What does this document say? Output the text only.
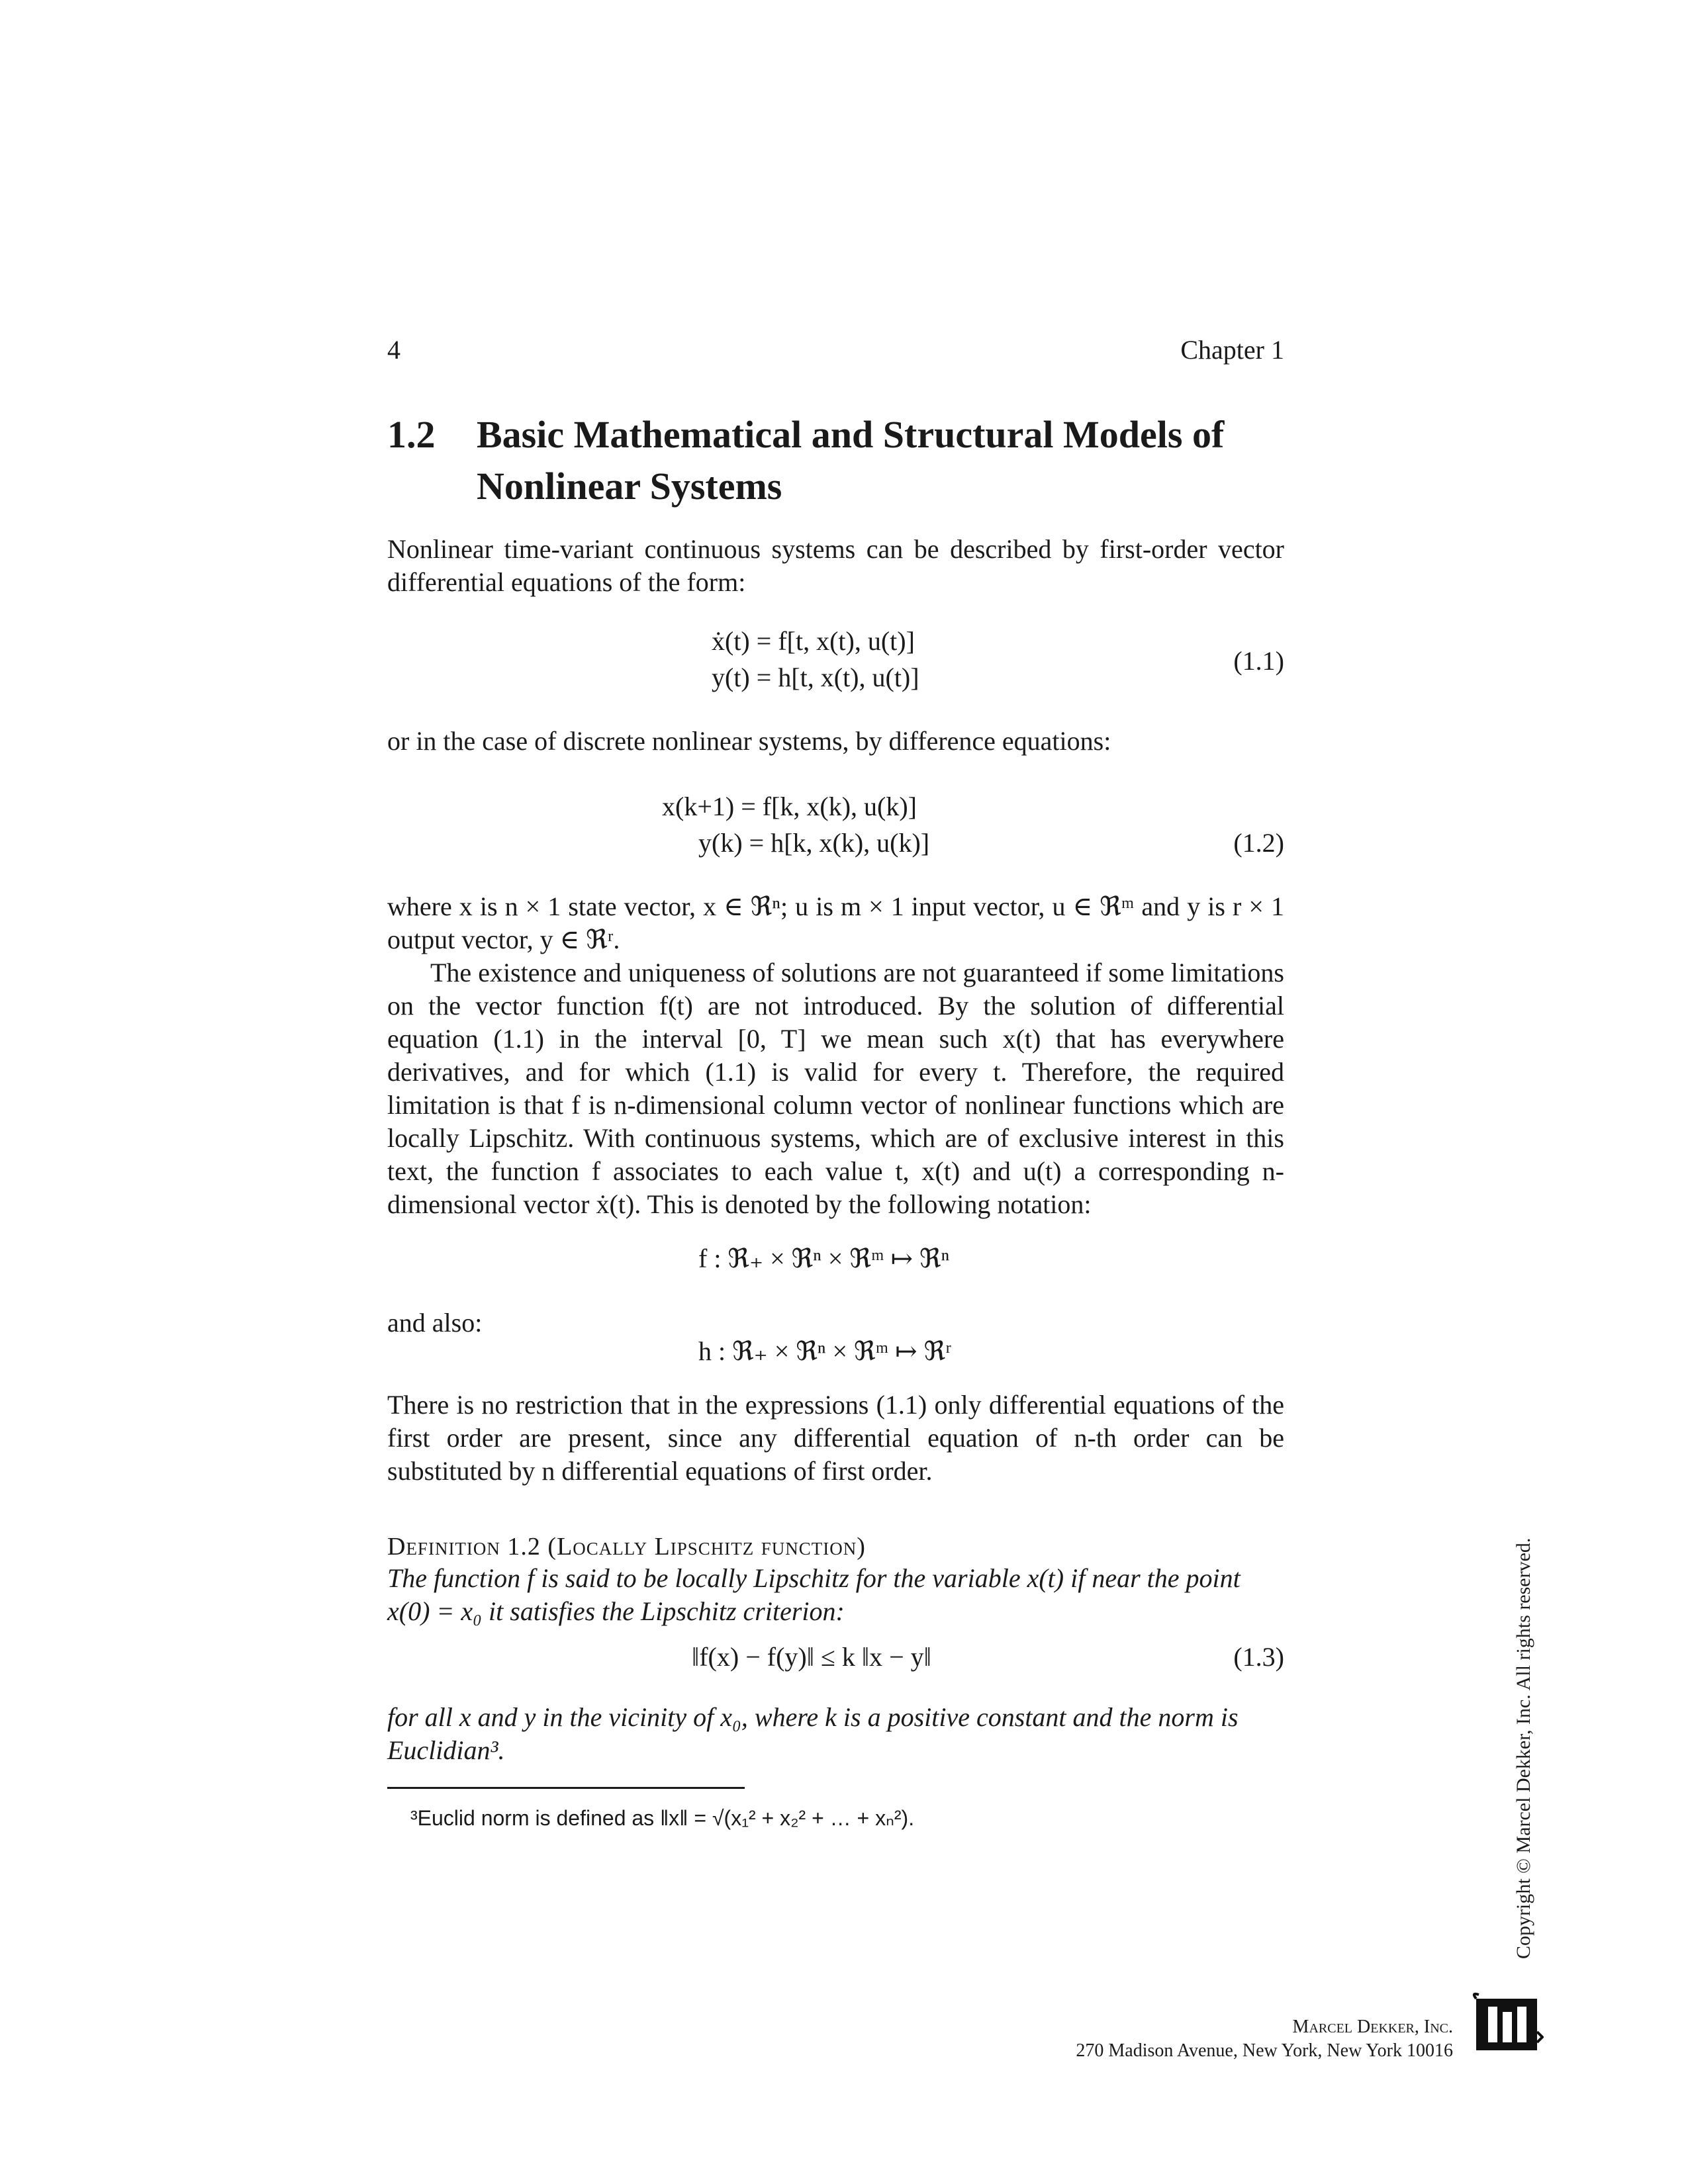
4	Chapter 1
1.2 Basic Mathematical and Structural Models of Nonlinear Systems

Nonlinear time-variant continuous systems can be described by first-order vector differential equations of the form:

ẋ(t) = f[t, x(t), u(t)]
y(t) = h[t, x(t), u(t)]
(1.1)

or in the case of discrete nonlinear systems, by difference equations:

x(k+1) = f[k, x(k), u(k)]
y(k) = h[k, x(k), u(k)]	(1.2)

where x is n × 1 state vector, x ∈ ℜⁿ; u is m × 1 input vector, u ∈ ℜᵐ and y is r × 1 output vector, y ∈ ℜʳ.

The existence and uniqueness of solutions are not guaranteed if some limitations on the vector function f(t) are not introduced. By the solution of differential equation (1.1) in the interval [0, T] we mean such x(t) that has everywhere derivatives, and for which (1.1) is valid for every t. Therefore, the required limitation is that f is n-dimensional column vector of nonlinear functions which are locally Lipschitz. With continuous systems, which are of exclusive interest in this text, the function f associates to each value t, x(t) and u(t) a corresponding n-dimensional vector ẋ(t). This is denoted by the following notation:

f : ℜ₊ × ℜⁿ × ℜᵐ ↦ ℜⁿ
and also:
h : ℜ₊ × ℜⁿ × ℜᵐ ↦ ℜʳ

There is no restriction that in the expressions (1.1) only differential equations of the first order are present, since any differential equation of n-th order can be substituted by n differential equations of first order.

Definition 1.2 (Locally Lipschitz function)
The function f is said to be locally Lipschitz for the variable x(t) if near the point x(0) = x₀ it satisfies the Lipschitz criterion:
‖f(x) − f(y)‖ ≤ k ‖x − y‖	(1.3)
for all x and y in the vicinity of x₀, where k is a positive constant and the norm is Euclidian³.
³Euclid norm is defined as ‖x‖ = √(x₁² + x₂² + … + xₙ²).	Copyright © Marcel Dekker, Inc. All rights reserved.
Marcel Dekker, Inc.
270 Madison Avenue, New York, New York 10016
